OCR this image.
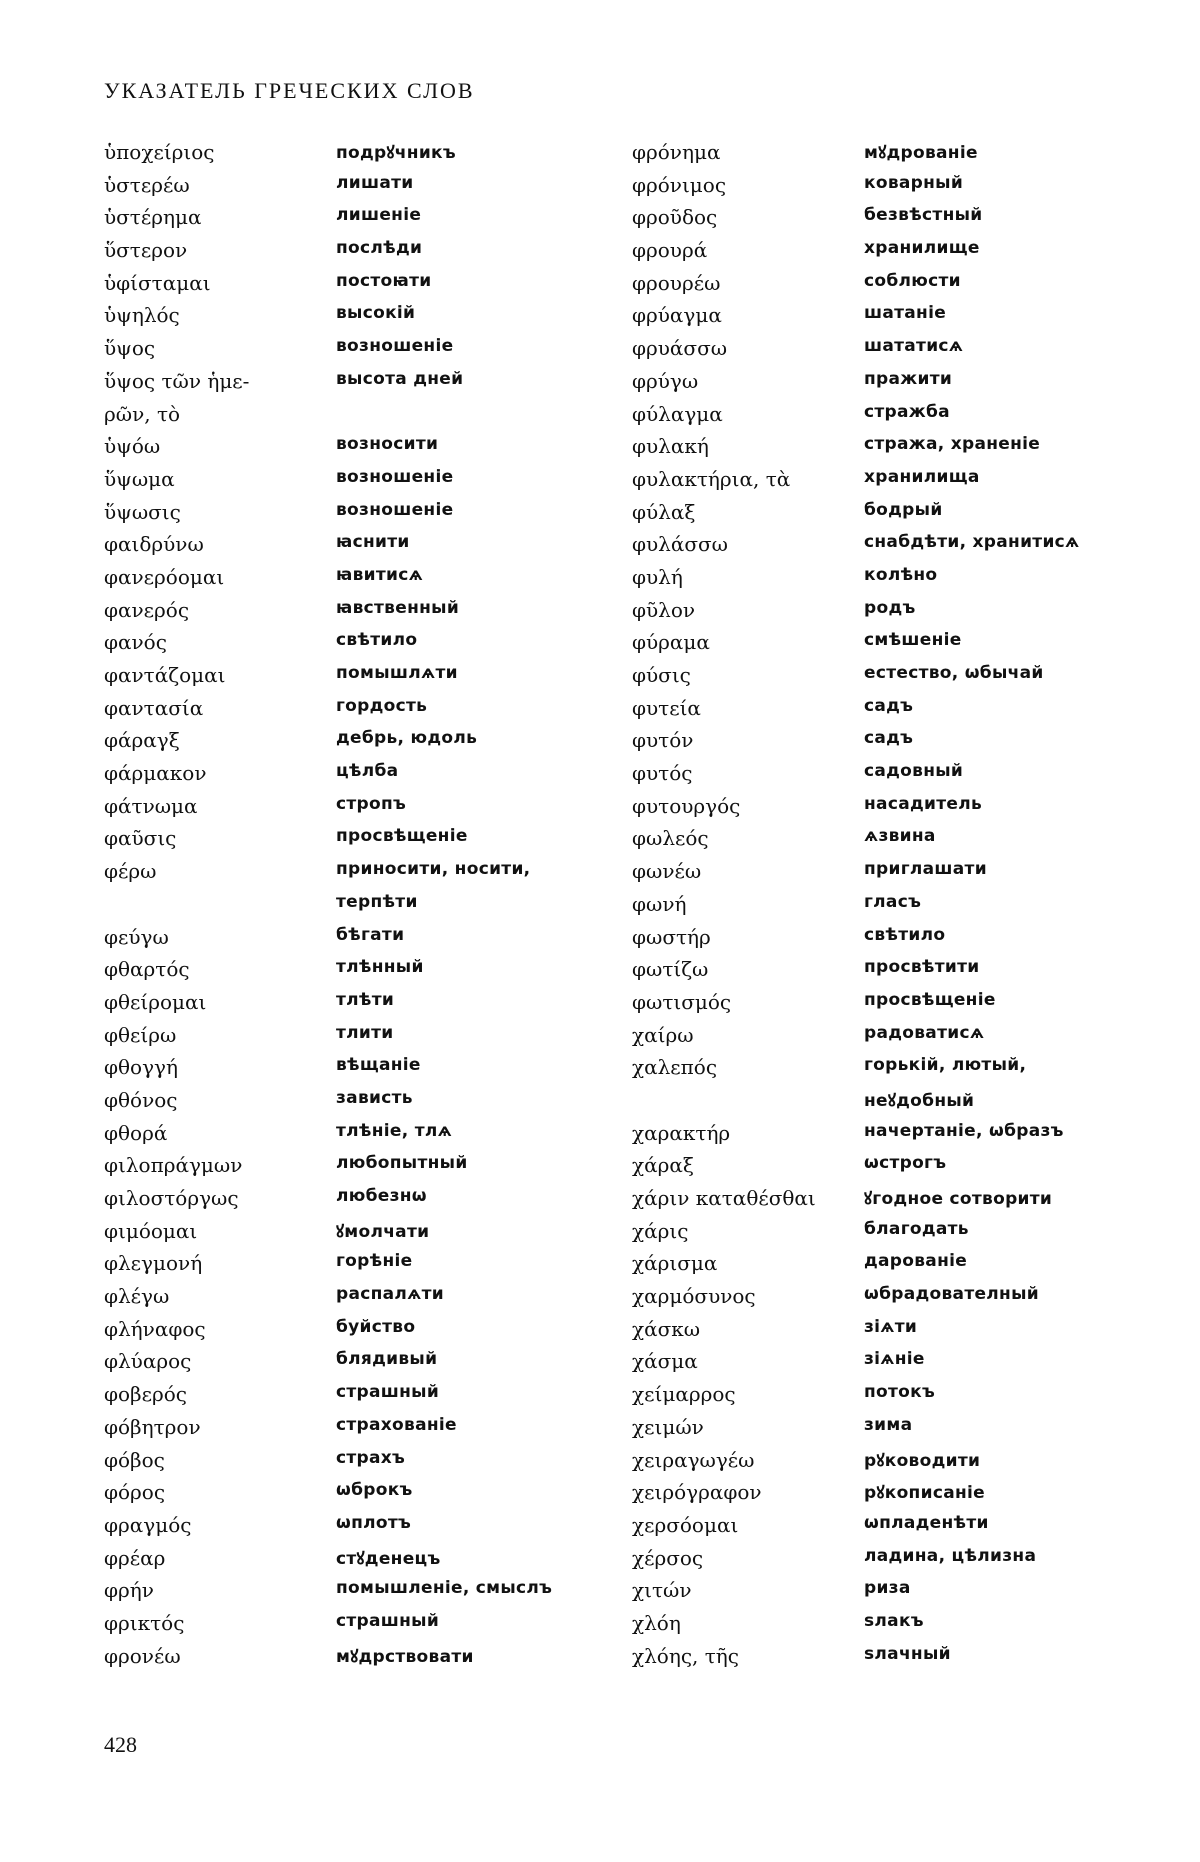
УКАЗАТЕЛЬ ГРЕЧЕСКИХ СЛОВ
ὑποχείριος	подрꙋчникъ
ὑστερέω	лишати
ὑστέρημα	лишеніе
ὕστερον	послѣди
ὑφίσταμαι	постоꙗти
ὑψηλός	высокій
ὕψος	возношеніе
ὕψος τῶν ἡμε-	высота дней
ρῶν, τὸ
ὑψόω	возносити
ὕψωμα	возношеніе
ὕψωσις	возношеніе
φαιδρύνω	ꙗснити
φανερόομαι	ꙗвитисѧ
φανερός	ꙗвственный
φανός	свѣтило
φαντάζομαι	помышлѧти
φαντασία	гордость
φάραγξ	дебрь, юдоль
φάρμακον	цѣлба
φάτνωμα	стропъ
φαῦσις	просвѣщеніе
φέρω	приносити, носити,
терпѣти
φεύγω	бѣгати
φθαρτός	тлѣнный
φθείρομαι	тлѣти
φθείρω	тлити
φθογγή	вѣщаніе
φθόνος	зависть
φθορά	тлѣніе, тлѧ
φιλοπράγμων	любопытный
φιλοστόργως	любезнѡ
φιμόομαι	ꙋмолчати
φλεγμονή	горѣніе
φλέγω	распалѧти
φλήναφος	буйство
φλύαρος	блядивый
φοβερός	страшный
φόβητρον	страхованіе
φόβος	страхъ
φόρος	ѡброкъ
φραγμός	ѡплотъ
φρέαρ	стꙋденецъ
φρήν	помышленіе, смыслъ
φρικτός	страшный
φρονέω	мꙋдрствовати
φρόνημα	мꙋдрованіе
φρόνιμος	коварный
φροῦδος	безвѣстный
φρουρά	хранилище
φρουρέω	соблюсти
φρύαγμα	шатаніе
φρυάσσω	шататисѧ
φρύγω	пражити
φύλαγμα	стражба
φυλακή	стража, храненіе
φυλακτήρια, τὰ	хранилища
φύλαξ	бодрый
φυλάσσω	снабдѣти, хранитисѧ
φυλή	колѣно
φῦλον	родъ
φύραμα	смѣшеніе
φύσις	естество, ѡбычай
φυτεία	садъ
φυτόν	садъ
φυτός	садовный
φυτουργός	насадитель
φωλεός	ѧзвина
φωνέω	приглашати
φωνή	гласъ
φωστήρ	свѣтило
φωτίζω	просвѣтити
φωτισμός	просвѣщеніе
χαίρω	радоватисѧ
χαλεπός	горькій, лютый,
неꙋдобный
χαρακτήρ	начертаніе, ѡбразъ
χάραξ	ѡстрогъ
χάριν καταθέσθαι	ꙋгодное сотворити
χάρις	благодать
χάρισμα	дарованіе
χαρμόσυνος	ѡбрадователный
χάσκω	зіѧти
χάσμα	зіѧніе
χείμαρρος	потокъ
χειμών	зима
χειραγωγέω	рꙋководити
χειρόγραφον	рꙋкописаніе
χερσόομαι	ѡпладенѣти
χέρσος	ладина, цѣлизна
χιτών	риза
χλόη	ѕлакъ
χλόης, τῆς	ѕлачный
428
